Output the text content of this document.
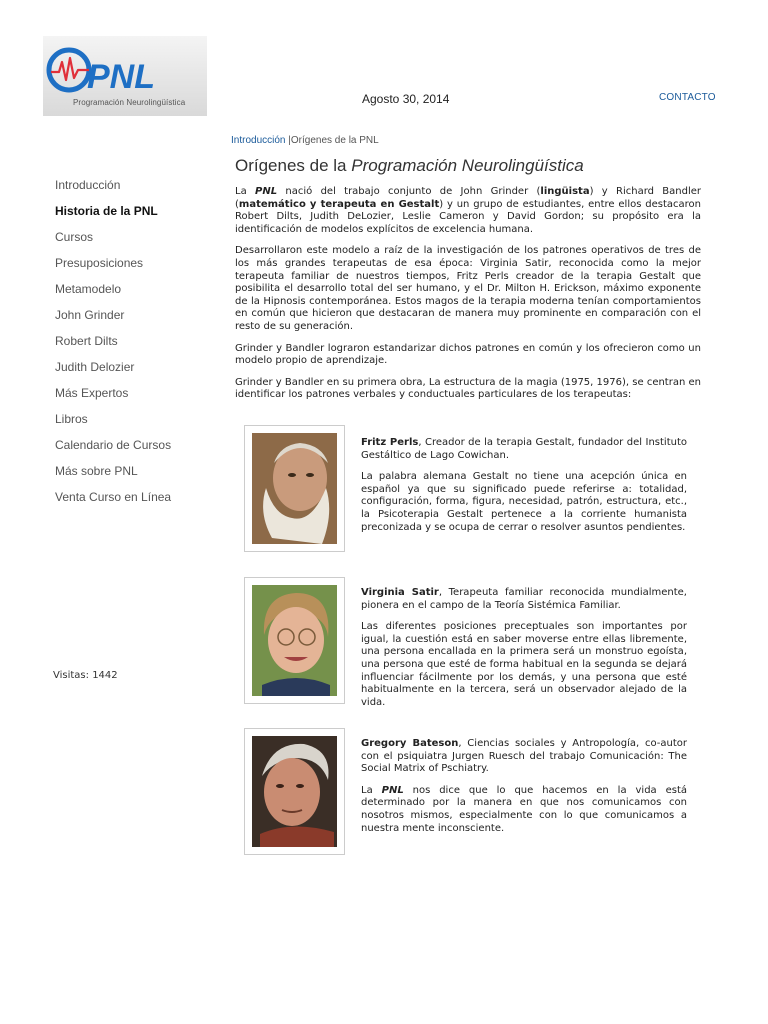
PNL
Programación Neurolingüística	Agosto 30, 2014	CONTACTO
Introducción |Orígenes de la PNL
Introducción
Historia de la PNL
Cursos
Presuposiciones
Metamodelo
John Grinder
Robert Dilts
Judith Delozier
Más Expertos
Libros
Calendario de Cursos
Más sobre PNL
Venta Curso en Línea
Visitas: 1442
Orígenes de la Programación Neurolingüística

La PNL nació del trabajo conjunto de John Grinder (lingüista) y Richard Bandler (matemático y terapeuta en Gestalt) y un grupo de estudiantes, entre ellos destacaron Robert Dilts, Judith DeLozier, Leslie Cameron y David Gordon; su propósito era la identificación de modelos explícitos de excelencia humana.

Desarrollaron este modelo a raíz de la investigación de los patrones operativos de tres de los más grandes terapeutas de esa época: Virginia Satir, reconocida como la mejor terapeuta familiar de nuestros tiempos, Fritz Perls creador de la terapia Gestalt que posibilita el desarrollo total del ser humano, y el Dr. Milton H. Erickson, máximo exponente de la Hipnosis contemporánea. Estos magos de la terapia moderna tenían comportamientos en común que hicieron que destacaran de manera muy prominente en comparación con el resto de su generación.

Grinder y Bandler lograron estandarizar dichos patrones en común y los ofrecieron como un modelo propio de aprendizaje.

Grinder y Bandler en su primera obra, La estructura de la magia (1975, 1976), se centran en identificar los patrones verbales y conductuales particulares de los terapeutas:

Fritz Perls, Creador de la terapia Gestalt, fundador del Instituto Gestáltico de Lago Cowichan.

La palabra alemana Gestalt no tiene una acepción única en español ya que su significado puede referirse a: totalidad, configuración, forma, figura, necesidad, patrón, estructura, etc., la Psicoterapia Gestalt pertenece a la corriente humanista preconizada y se ocupa de cerrar o resolver asuntos pendientes.

Virginia Satir, Terapeuta familiar reconocida mundialmente, pionera en el campo de la Teoría Sistémica Familiar.

Las diferentes posiciones preceptuales son importantes por igual, la cuestión está en saber moverse entre ellas libremente, una persona encallada en la primera será un monstruo egoísta, una persona que esté de forma habitual en la segunda se dejará influenciar fácilmente por los demás, y una persona que esté habitualmente en la tercera, será un observador alejado de la vida.

Gregory Bateson, Ciencias sociales y Antropología, co-autor con el psiquiatra Jurgen Ruesch del trabajo Comunicación: The Social Matrix of Pschiatry.

La PNL nos dice que lo que hacemos en la vida está determinado por la manera en que nos comunicamos con nosotros mismos, especialmente con lo que comunicamos a nuestra mente inconsciente.
